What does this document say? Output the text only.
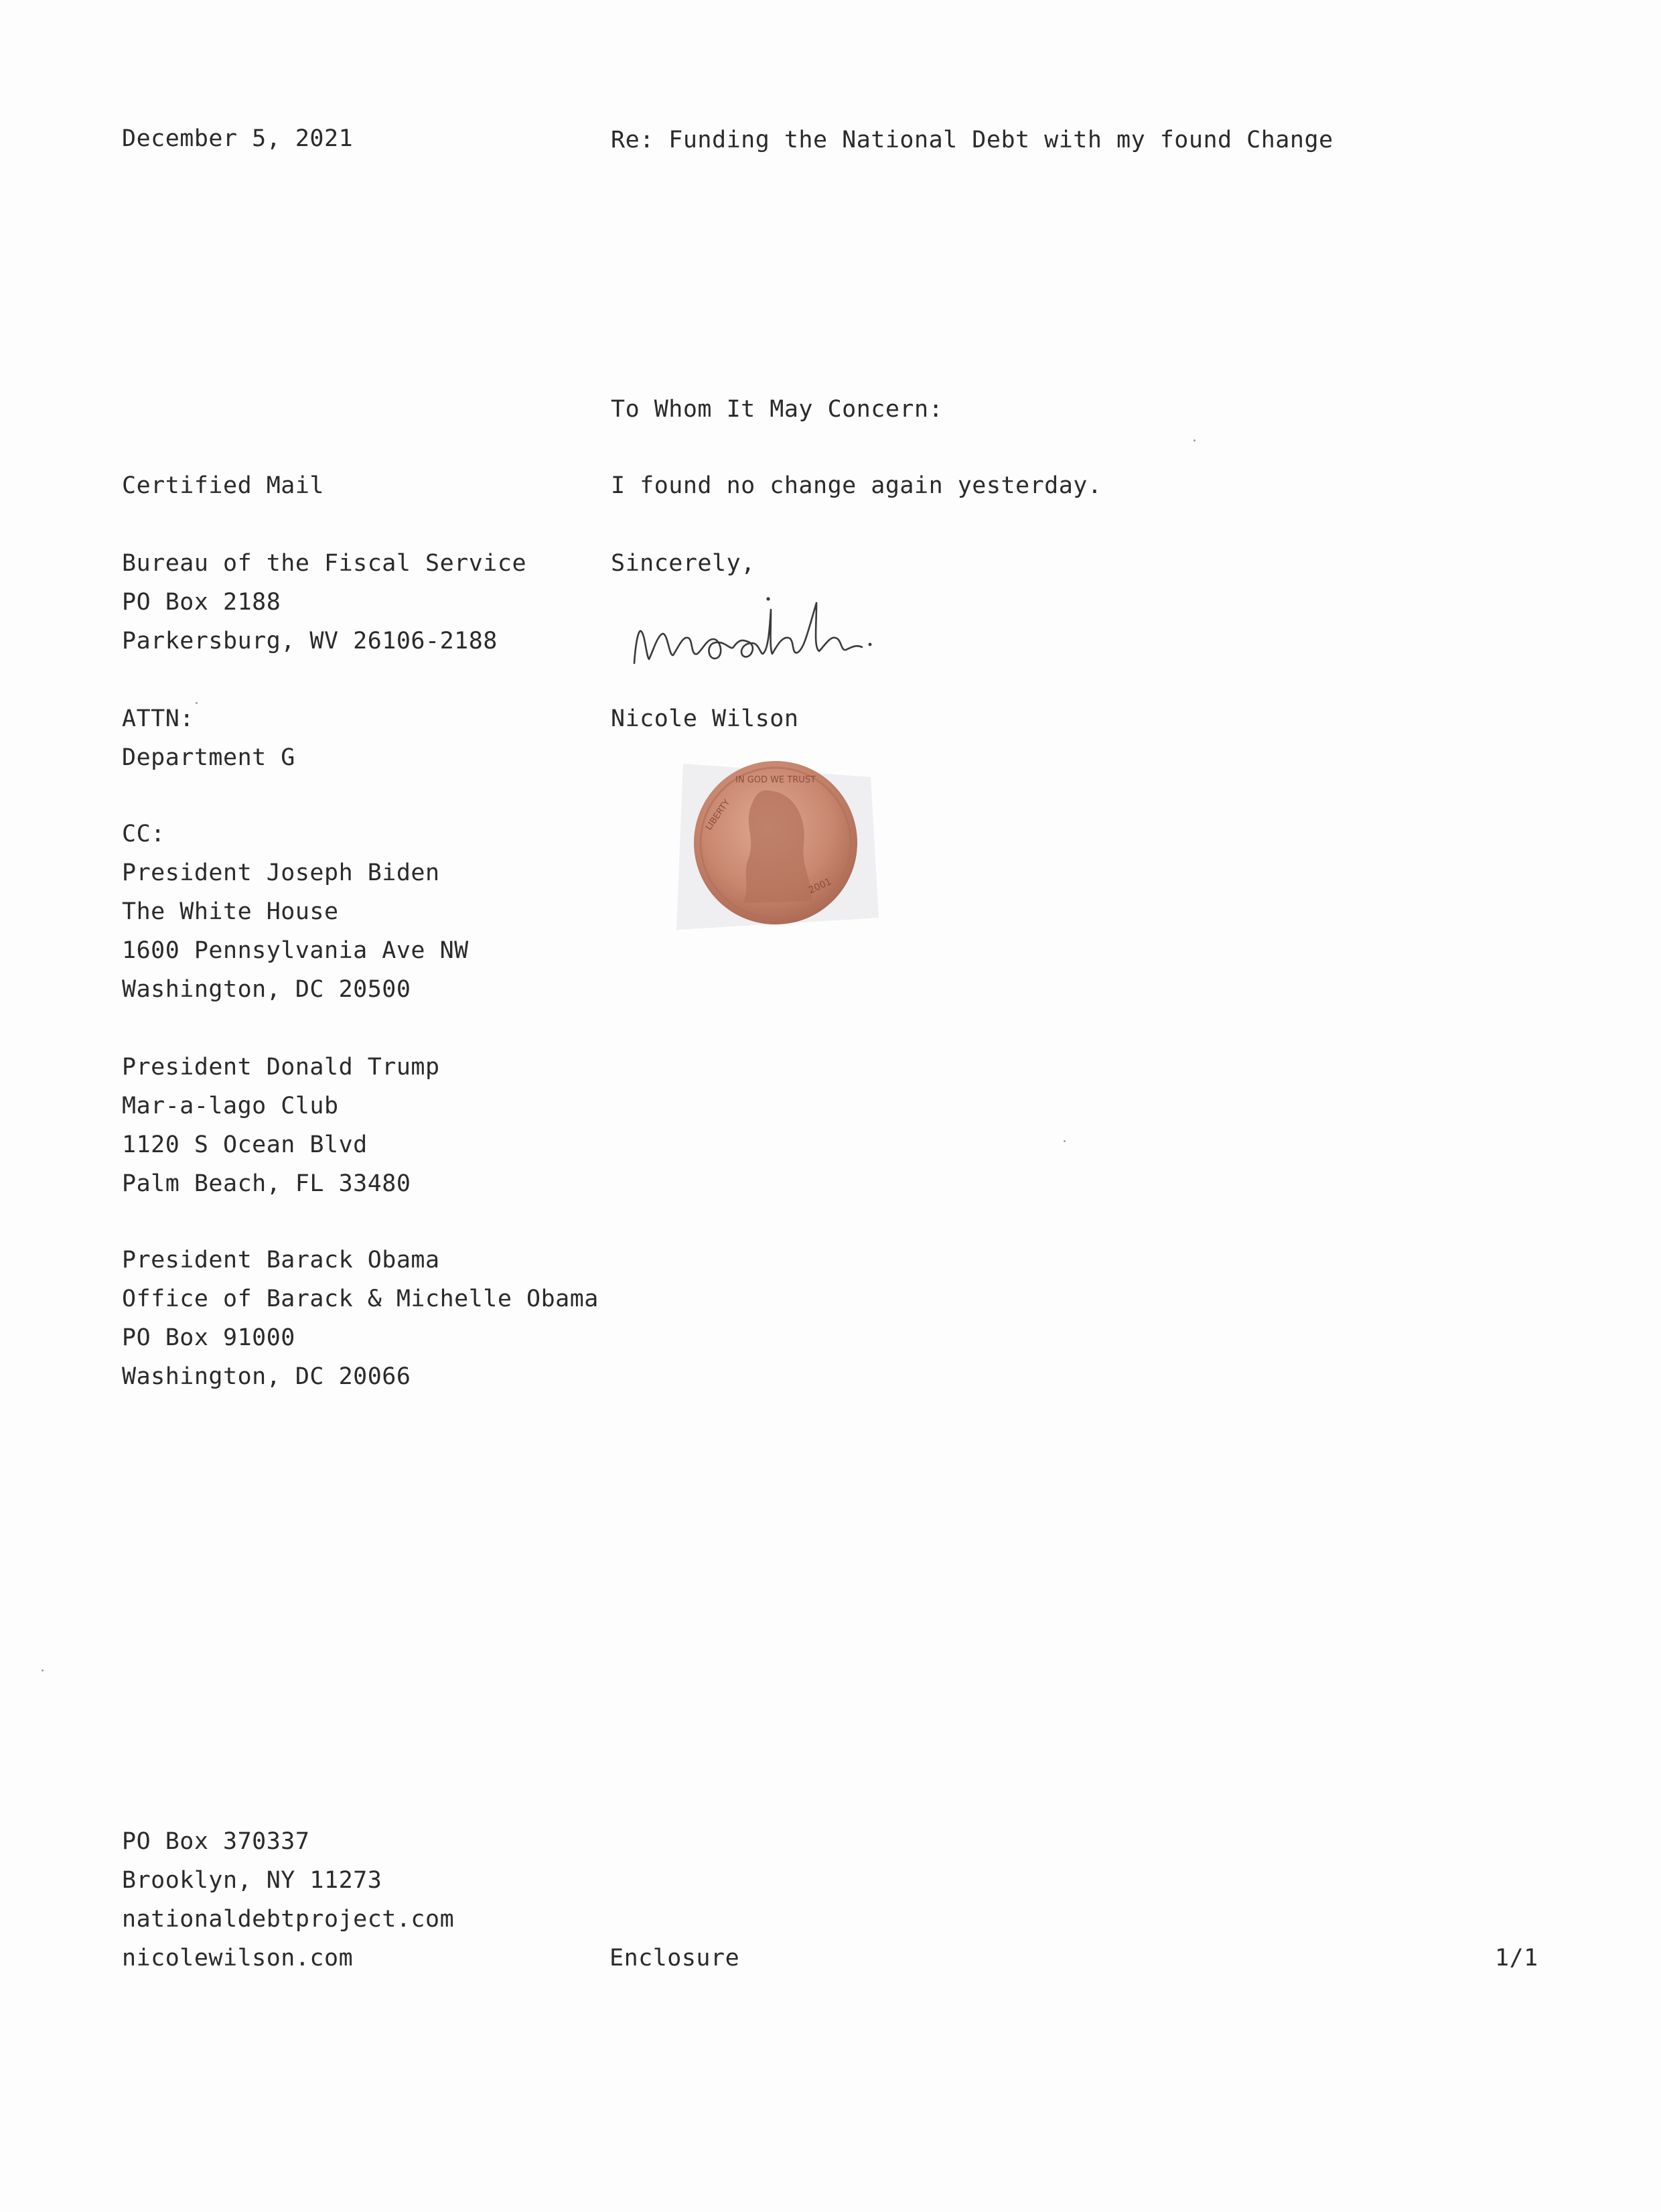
December 5, 2021	Re: Funding the National Debt with my found Change
To Whom It May Concern:
I found no change again yesterday.
Sincerely,
Nicole Wilson
IN GOD WE TRUST
LIBERTY
2001
Certified Mail
Bureau of the Fiscal Service
PO Box 2188
Parkersburg, WV 26106-2188
ATTN:
Department G
CC:
President Joseph Biden
The White House
1600 Pennsylvania Ave NW
Washington, DC 20500
President Donald Trump
Mar-a-lago Club
1120 S Ocean Blvd
Palm Beach, FL 33480
President Barack Obama
Office of Barack & Michelle Obama
PO Box 91000
Washington, DC 20066
PO Box 370337
Brooklyn, NY 11273
nationaldebtproject.com
nicolewilson.com	Enclosure	1/1
